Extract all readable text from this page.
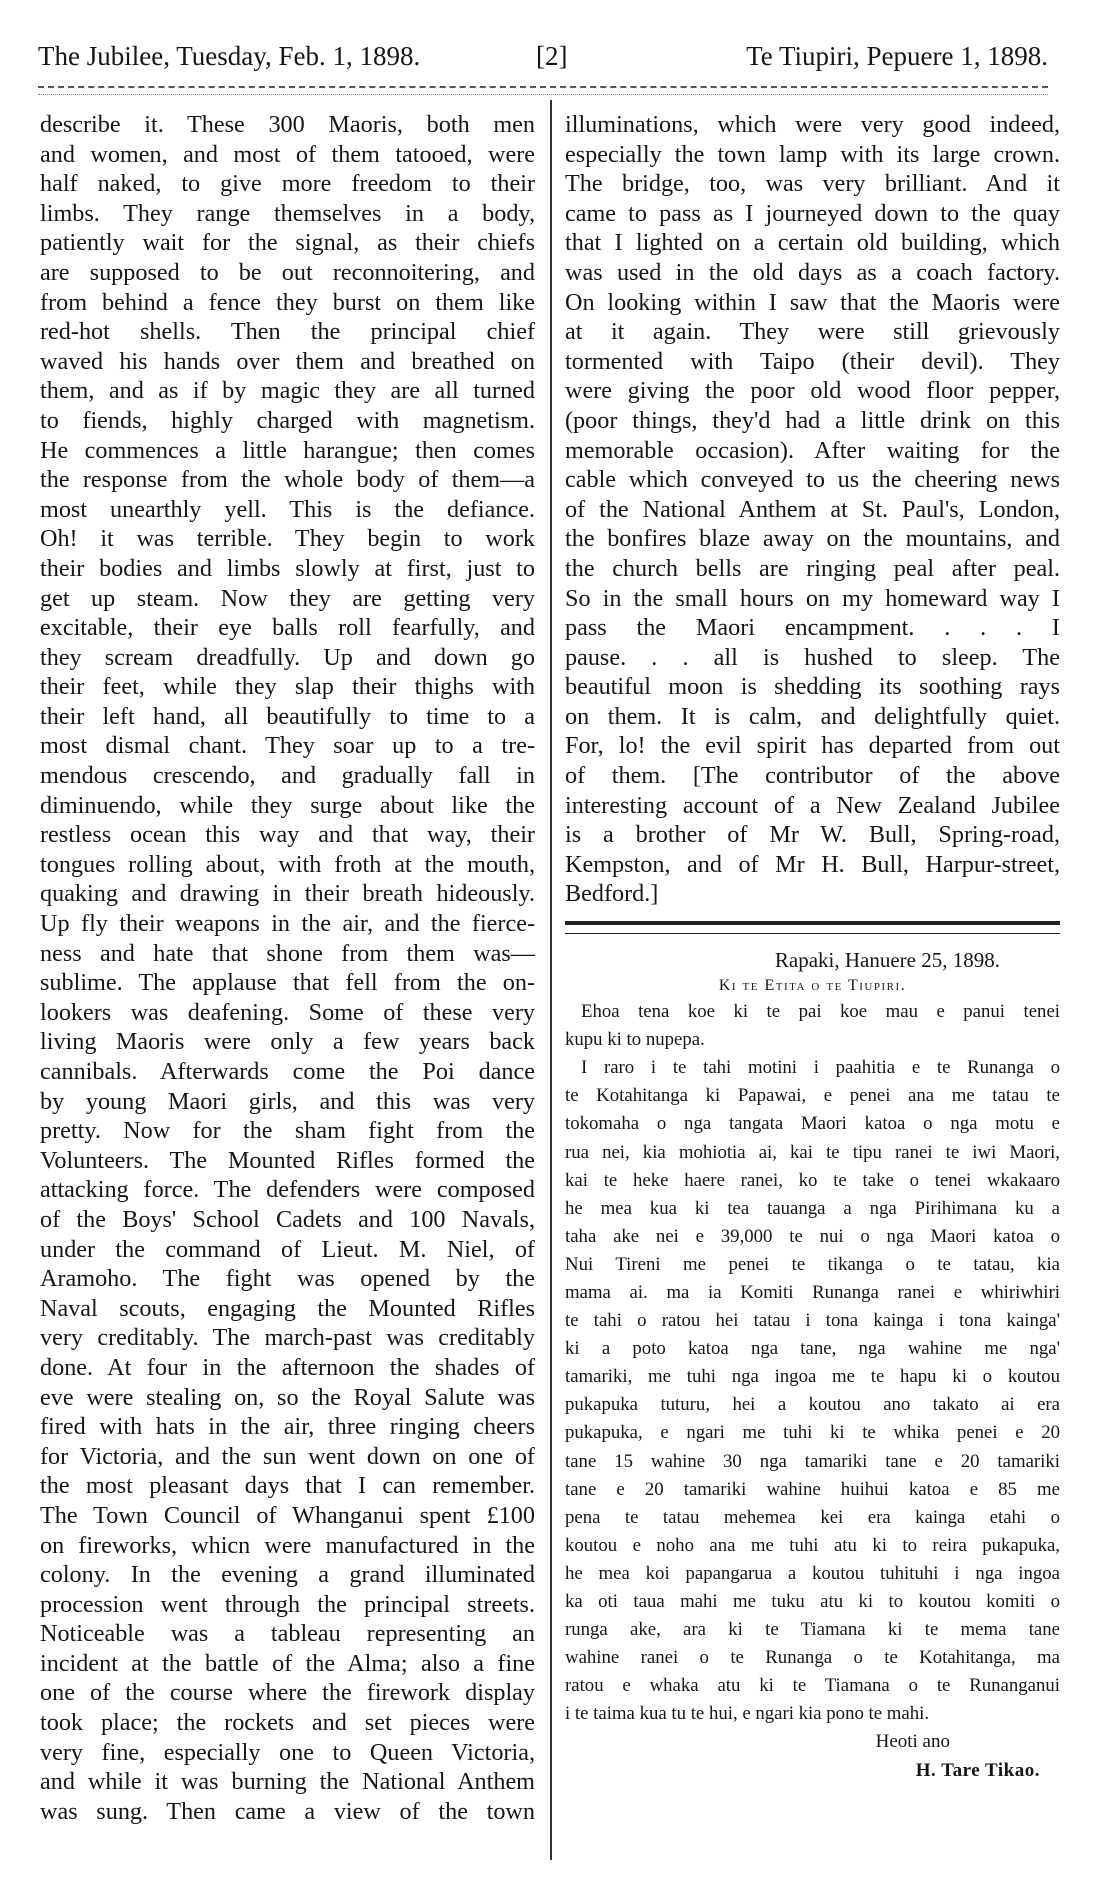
The Jubilee, Tuesday, Feb. 1, 1898.	[2]	Te Tiupiri, Pepuere 1, 1898.
describe it. These 300 Maoris, both men
and women, and most of them tatooed, were
half naked, to give more freedom to their
limbs. They range themselves in a body,
patiently wait for the signal, as their chiefs
are supposed to be out reconnoitering, and
from behind a fence they burst on them like
red-hot shells. Then the principal chief
waved his hands over them and breathed on
them, and as if by magic they are all turned
to fiends, highly charged with magnetism.
He commences a little harangue; then comes
the response from the whole body of them—a
most unearthly yell. This is the defiance.
Oh! it was terrible. They begin to work
their bodies and limbs slowly at first, just to
get up steam. Now they are getting very
excitable, their eye balls roll fearfully, and
they scream dreadfully. Up and down go
their feet, while they slap their thighs with
their left hand, all beautifully to time to a
most dismal chant. They soar up to a tre-
mendous crescendo, and gradually fall in
diminuendo, while they surge about like the
restless ocean this way and that way, their
tongues rolling about, with froth at the mouth,
quaking and drawing in their breath hideously.
Up fly their weapons in the air, and the fierce-
ness and hate that shone from them was—
sublime. The applause that fell from the on-
lookers was deafening. Some of these very
living Maoris were only a few years back
cannibals. Afterwards come the Poi dance
by young Maori girls, and this was very
pretty. Now for the sham fight from the
Volunteers. The Mounted Rifles formed the
attacking force. The defenders were composed
of the Boys' School Cadets and 100 Navals,
under the command of Lieut. M. Niel, of
Aramoho. The fight was opened by the
Naval scouts, engaging the Mounted Rifles
very creditably. The march-past was creditably
done. At four in the afternoon the shades of
eve were stealing on, so the Royal Salute was
fired with hats in the air, three ringing cheers
for Victoria, and the sun went down on one of
the most pleasant days that I can remember.
The Town Council of Whanganui spent £100
on fireworks, whicn were manufactured in the
colony. In the evening a grand illuminated
procession went through the principal streets.
Noticeable was a tableau representing an
incident at the battle of the Alma; also a fine
one of the course where the firework display
took place; the rockets and set pieces were
very fine, especially one to Queen Victoria,
and while it was burning the National Anthem
was sung. Then came a view of the town
illuminations, which were very good indeed,
especially the town lamp with its large crown.
The bridge, too, was very brilliant. And it
came to pass as I journeyed down to the quay
that I lighted on a certain old building, which
was used in the old days as a coach factory.
On looking within I saw that the Maoris were
at it again. They were still grievously
tormented with Taipo (their devil). They
were giving the poor old wood floor pepper,
(poor things, they'd had a little drink on this
memorable occasion). After waiting for the
cable which conveyed to us the cheering news
of the National Anthem at St. Paul's, London,
the bonfires blaze away on the mountains, and
the church bells are ringing peal after peal.
So in the small hours on my homeward way I
pass the Maori encampment. . . . I
pause. . . all is hushed to sleep. The
beautiful moon is shedding its soothing rays
on them. It is calm, and delightfully quiet.
For, lo! the evil spirit has departed from out
of them. [The contributor of the above
interesting account of a New Zealand Jubilee
is a brother of Mr W. Bull, Spring-road,
Kempston, and of Mr H. Bull, Harpur-street,
Bedford.]
Rapaki, Hanuere 25, 1898.
Ki te Etita o te Tiupiri.
Ehoa tena koe ki te pai koe mau e panui tenei
kupu ki to nupepa.
I raro i te tahi motini i paahitia e te Runanga o
te Kotahitanga ki Papawai, e penei ana me tatau te
tokomaha o nga tangata Maori katoa o nga motu e
rua nei, kia mohiotia ai, kai te tipu ranei te iwi Maori,
kai te heke haere ranei, ko te take o tenei wkakaaro
he mea kua ki tea tauanga a nga Pirihimana ku a
taha ake nei e 39,000 te nui o nga Maori katoa o
Nui Tireni me penei te tikanga o te tatau, kia
mama ai. ma ia Komiti Runanga ranei e whiriwhiri
te tahi o ratou hei tatau i tona kainga i tona kainga'
ki a poto katoa nga tane, nga wahine me nga'
tamariki, me tuhi nga ingoa me te hapu ki o koutou
pukapuka tuturu, hei a koutou ano takato ai era
pukapuka, e ngari me tuhi ki te whika penei e 20
tane 15 wahine 30 nga tamariki tane e 20 tamariki
tane e 20 tamariki wahine huihui katoa e 85 me
pena te tatau mehemea kei era kainga etahi o
koutou e noho ana me tuhi atu ki to reira pukapuka,
he mea koi papangarua a koutou tuhituhi i nga ingoa
ka oti taua mahi me tuku atu ki to koutou komiti o
runga ake, ara ki te Tiamana ki te mema tane
wahine ranei o te Runanga o te Kotahitanga, ma
ratou e whaka atu ki te Tiamana o te Runanganui
i te taima kua tu te hui, e ngari kia pono te mahi.
Heoti ano
H. Tare Tikao.
